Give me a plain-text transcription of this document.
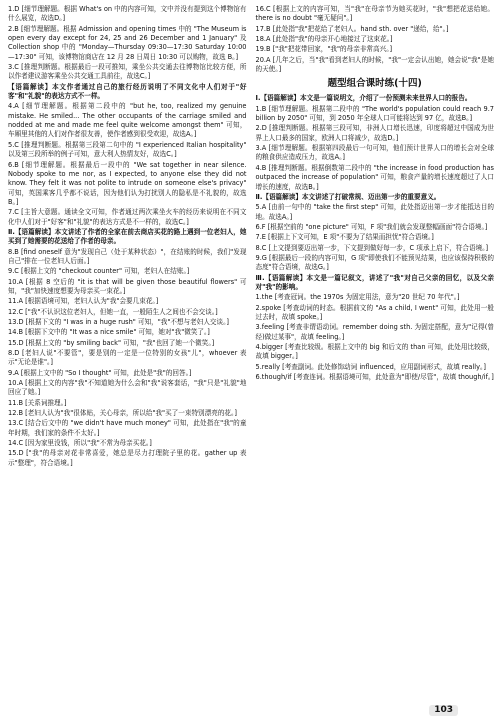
1.D [细节理解题。根据 What's on 中的内容可知，文中并没有提到这个博物馆有什么展览，故选D。]

2.B [细节理解题。根据 Admission and opening times 中的 "The Museum is open every day except for 24, 25 and 26 December and 1 January" 及 Collection shop 中的 "Monday—Thursday 09:30—17:30 Saturday 10:00—17:30" 可知，该博物馆商店在 12 月 28 日周日 10:30 可以购物，故选 B。]

3.C [推理判断题。根据最后一段可推知，乘坐公共交通去往博物馆比较方便，所以作者建议游客乘坐公共交通工具前往，故选C。]

【语篇解读】本文作者通过自己的旅行经历说明了不同文化中人们对于"好客"和"礼貌"的表达方式不一样。

4.A [细节理解题。根据第二段中的 "but he, too, realized my genuine mistake. He smiled... The other occupants of the carriage smiled and nodded at me and made me feel quite welcome amongst them" 可知，车厢里其他的人们对作者很友善，使作者感到很受欢迎，故选A。]

5.C [推理判断题。根据第三段第二句中的 "I experienced Italian hospitality" 以及第三段所举的例子可知，意大利人热情友好，故选C。]

6.B [细节理解题。根据最后一段中的 "We sat together in near silence. Nobody spoke to me nor, as I expected, to anyone else they did not know. They felt it was not polite to intrude on someone else's privacy" 可知，英国乘客几乎都不说话，因为他们认为打扰别人的隐私是不礼貌的，故选B。]

7.C [主旨大意题。通读全文可知，作者通过两次乘坐火车的经历来说明在不同文化中人们对于"好客"和"礼貌"的表达方式是不一样的，故选C。]

Ⅱ.【语篇解读】本文讲述了作者的全家在前去商店买花的路上遇到一位老妇人，她买到了她需要的花送给了作者的母亲。

8.B [find oneself 意为"发现自己（处于某种状态）"，在结账的时候，我们"发现自己"排在一位老妇人后面。]

9.C [根据上文的 "checkout counter" 可知，老妇人在结账。]

10.A [根据 8 空后的 "it is that will be given those beautiful flowers" 可知，"我"加快速度想要为母亲买一束花。]

11.A [根据语境可知，老妇人认为"我"会要几束花。]

12.C ["我"不认识这位老妇人，但她一直，一般陌生人之间也不会交谈。]

13.D [根据下文的 "I was in a huge rush" 可知，"我"不想与老妇人交谈。]

14.B [根据下文中的 "It was a nice smile" 可知，她对"我"微笑了。]

15.D [根据上文的 "by smiling back" 可知，"我"也回了她一个微笑。]

8.D [老妇人说"不要管"，要是别的一定是一位特别的女孩"儿"，whoever 表示"无论是谁"。]

9.A [根据上文中的 "So I thought" 可知，此处是"我"的回答。]

10.A [根据上文的内容"我"不知道她为什么会和"我"说客套话，"我"只是"礼貌"地回应了她。]

11.B [关系词推理。]

12.B [老妇人认为"我"很体贴，关心母亲，所以给"我"买了一束特别漂亮的花。]

13.C [结合后文中的 "we didn't have much money" 可知，此处指在"我"的童年时期，我们家的条件不太好。]

14.C [因为家里没钱，所以"我"不常为母亲买花。]

15.D ["我"的母亲对花非常喜爱，她总是尽力打理院子里的花。gather up 表示"整理"，符合语境。]

16.C [根据上文的内容可知，当"我"在母亲节为她买花时，"我"想把花送给她。there is no doubt "毫无疑问"。]

17.B [此处指"我"把花给了老妇人。hand sth. over "递给，给"。]

18.A [此处指"我"的母亲开心地接过了这束花。]

19.B ["我"把花带回家，"我"的母亲非常高兴。]

20.A [几年之后，当"我"看到老妇人的时候，"我"一定会认出她，她会说"我"是她的天使。]

题型组合课时练(十四)

Ⅰ.【语篇解读】本文是一篇说明文，介绍了一份预测未来世界人口的报告。

1.B [细节理解题。根据第二段中的 "The world's population could reach 9.7 billion by 2050" 可知，到 2050 年全球人口可能将达到 97 亿，故选B。]

2.D [推理判断题。根据第三段可知，非洲人口增长迅速，印度将超过中国成为世界上人口最多的国家，欧洲人口将减少，故选D。]

3.A [细节理解题。根据第四段最后一句可知，他们预计世界人口的增长会对全球的粮食供应造成压力，故选A。]

4.B [推理判断题。根据倒数第二段中的 "the increase in food production has outpaced the increase of population" 可知，粮食产量的增长速度超过了人口增长的速度，故选B。]

Ⅱ.【语篇解读】本文讲述了打破常规、迈出第一步的重要意义。

5.A [由前一句中的 "take the first step" 可知，此处指迈出第一步才能抵达目的地。故选A。]

6.F [根据空前的 "one picture" 可知，F 项"我们就会发现整幅画面"符合语境。]

7.E [根据上下文可知，E 项"不要为了结果而担忧"符合语境。]

8.C [上文提到要迈出第一步，下文提到做好每一步，C 项承上启下，符合语境。]

9.G [根据最后一段的内容可知，G 项"即使我们不能预见结果，也应该保持积极的态度"符合语境，故选G。]

Ⅲ.【语篇解读】本文是一篇记叙文，讲述了"我"对自己父亲的回忆，以及父亲对"我"的影响。

1.the [考查冠词。the 1970s 为固定用法，意为"20 世纪 70 年代"。]

2.spoke [考查动词的时态。根据前文的 "As a child, I went" 可知，此处用一般过去时，故填 spoke。]

3.feeling [考查非谓语动词。remember doing sth. 为固定搭配，意为"记得(曾经)做过某事"，故填 feeling。]

4.bigger [考查比较级。根据上文中的 big 和后文的 than 可知，此处用比较级，故填 bigger。]

5.really [考查副词。此处修饰动词 influenced，应用副词形式，故填 really。]

6.though/if [考查连词。根据语境可知，此处意为"即使/尽管"，故填 though/if。]

103
